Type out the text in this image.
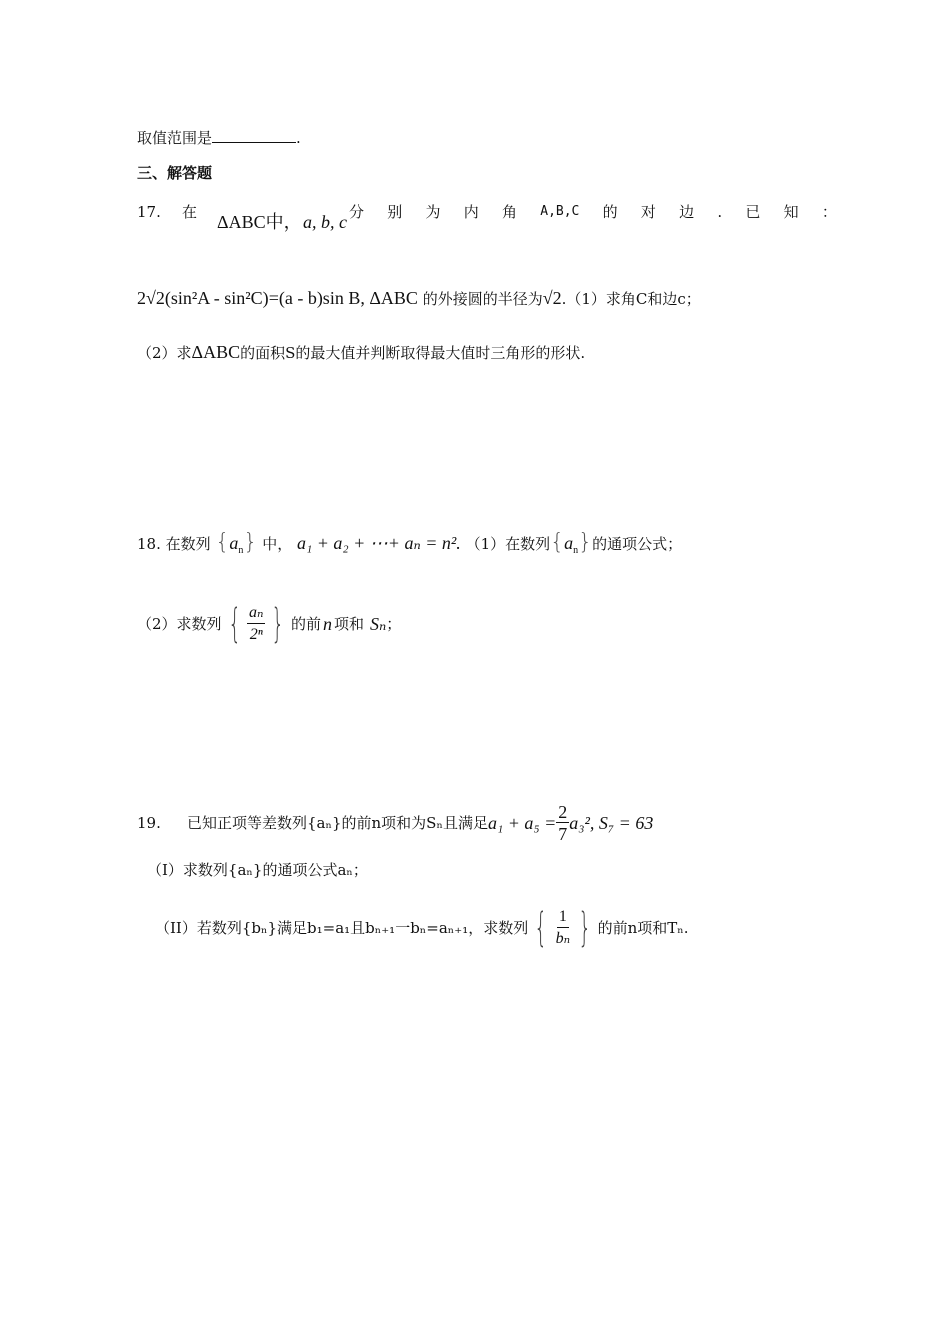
取值范围是	.
三、解答题
17. 在 ΔABC中， a, b, c 分 别 为 内 角 A,B,C 的 对 边 . 已 知 ：
2√2(sin²A - sin²C)=(a - b)sin B, ΔABC 的外接圆的半径为√2.（1）求角C和边c；
（2）求ΔABC的面积S的最大值并判断取得最大值时三角形的形状.
18. 在数列 $\{a_n\}$ 中， a₁ + a₂ + ⋯+ aₙ = n². （1）在数列$\{a_n\}$的通项公式；
（2）求数列 { $\frac{\text{aₙ}}{\text{2ⁿ}}$ } 的前 n 项和 Sₙ ；
19.	已知正项等差数列{aₙ}的前n项和为Sₙ且满足 $a_1 + a_5 = \frac{2}{7} a_3^2$, S₇ = 63
（I）求数列{aₙ}的通项公式aₙ；
（II）若数列{bₙ}满足b₁=a₁且bₙ₊₁一bₙ=aₙ₊₁，求数列 { $\frac{1}{\text{bₙ}}$ } 的前n项和Tₙ.
